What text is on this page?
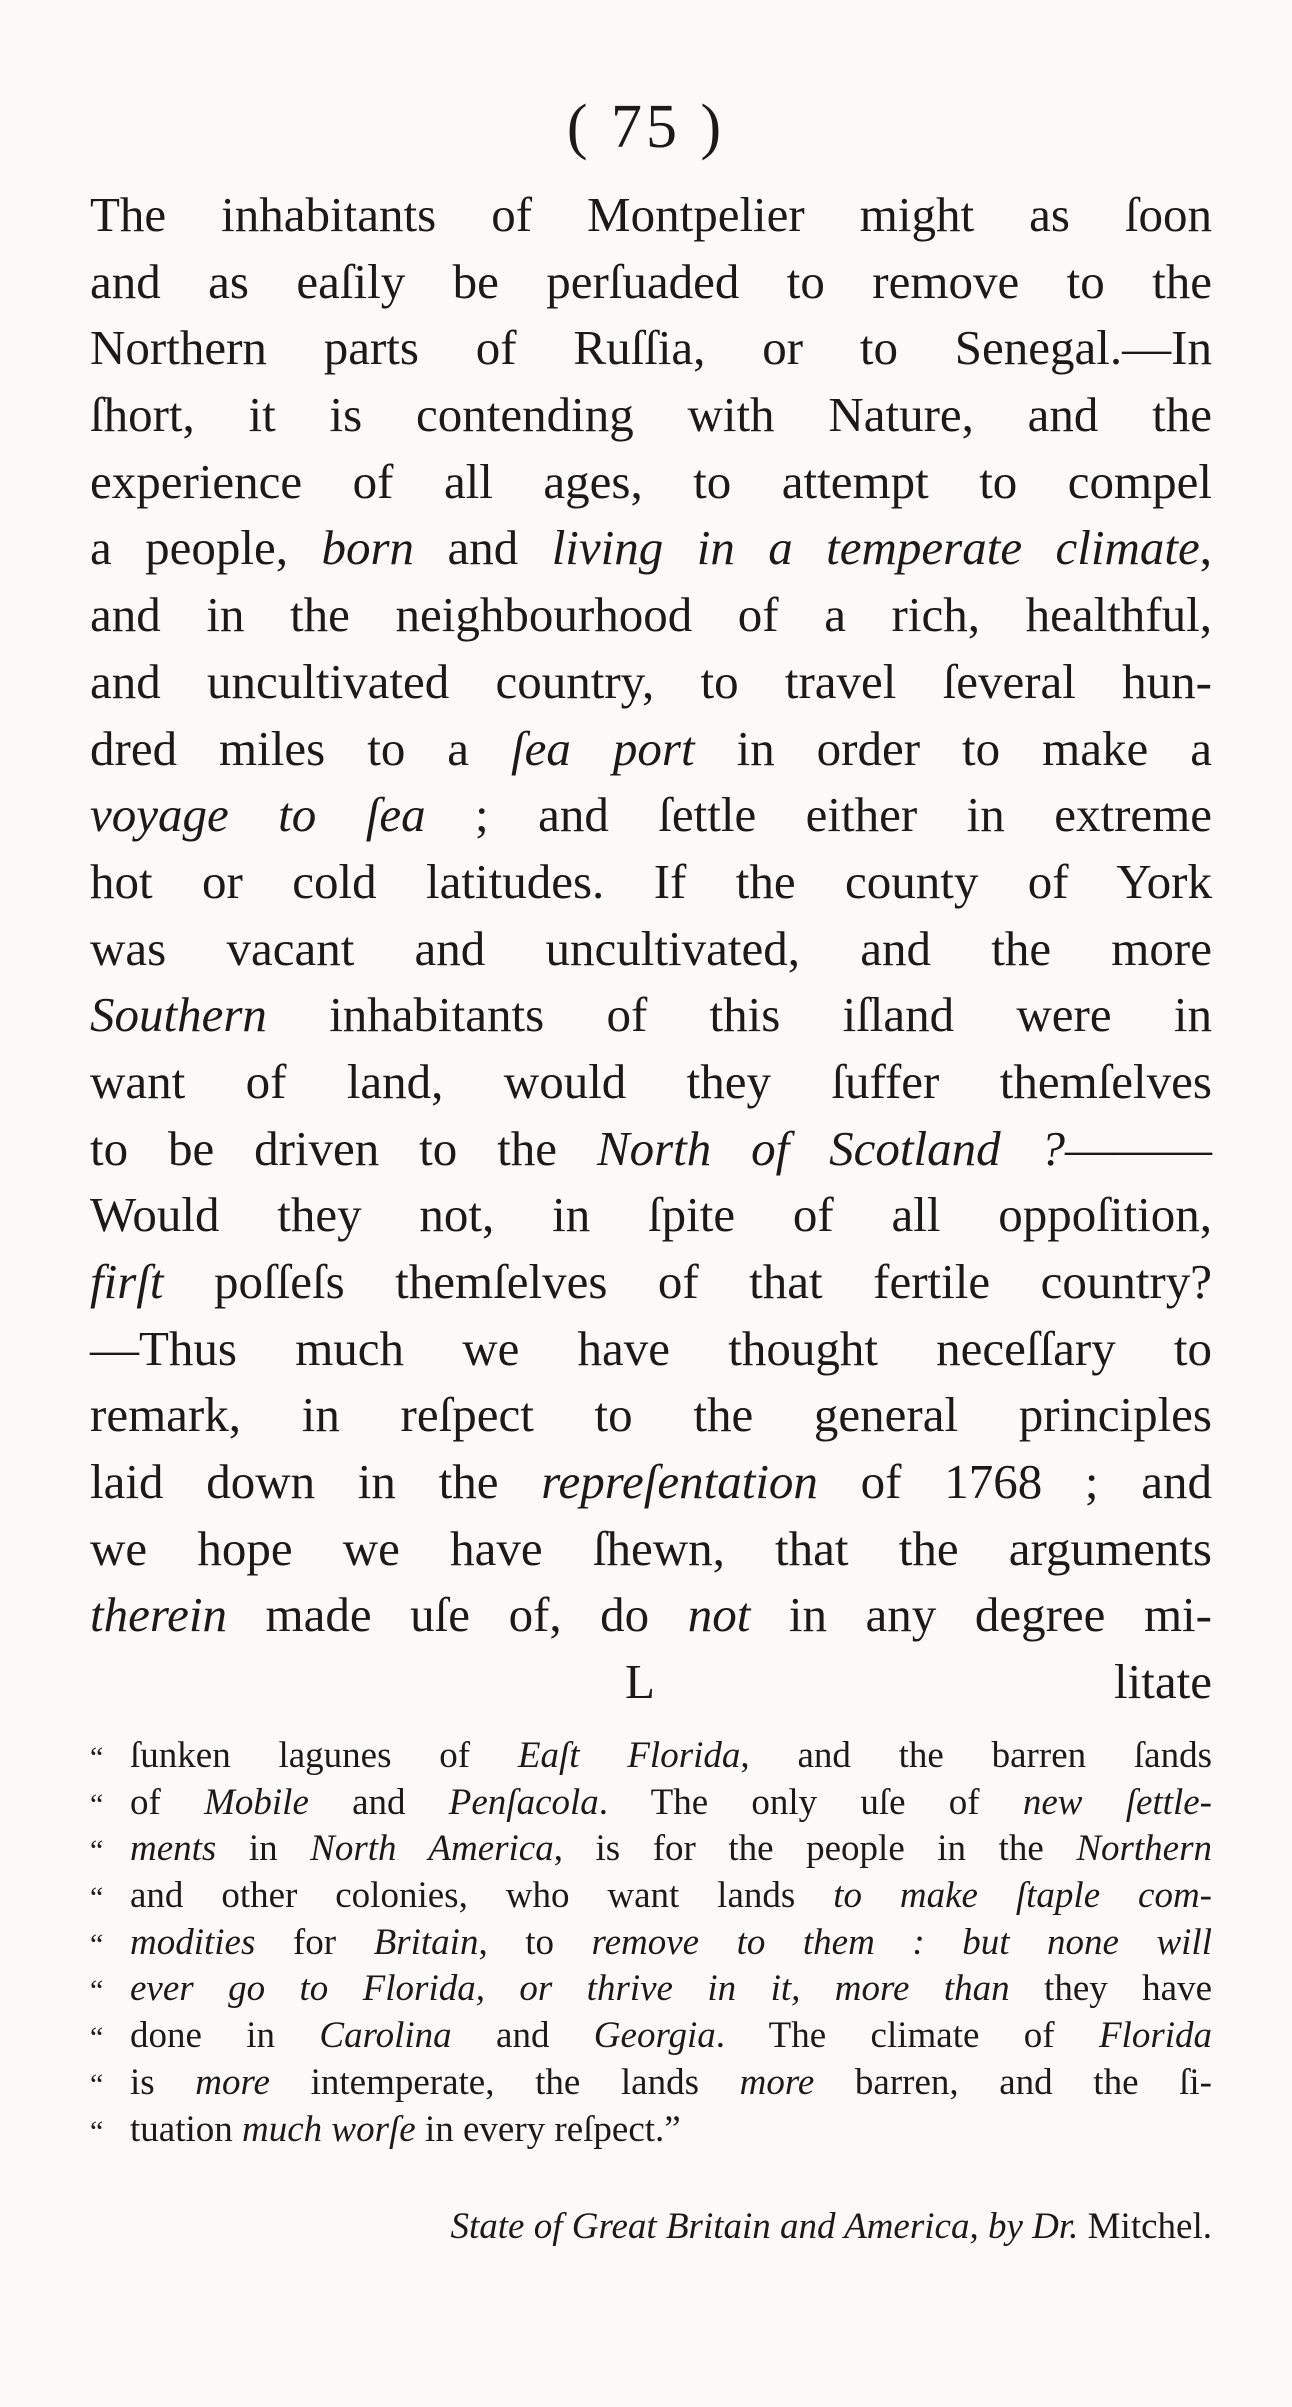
( 75 )
The inhabitants of Montpelier might as ſoon
and as eaſily be perſuaded to remove to the
Northern parts of Ruſſia, or to Senegal.—In
ſhort, it is contending with Nature, and the
experience of all ages, to attempt to compel
a people, born and living in a temperate climate,
and in the neighbourhood of a rich, healthful,
and uncultivated country, to travel ſeveral hun-
dred miles to a ſea port in order to make a
voyage to ſea ; and ſettle either in extreme
hot or cold latitudes. If the county of York
was vacant and uncultivated, and the more
Southern inhabitants of this iſland were in
want of land, would they ſuffer themſelves
to be driven to the North of Scotland ?———
Would they not, in ſpite of all oppoſition,
firſt poſſeſs themſelves of that fertile country?
—Thus much we have thought neceſſary to
remark, in reſpect to the general principles
laid down in the repreſentation of 1768 ; and
we hope we have ſhewn, that the arguments
therein made uſe of, do not in any degree mi-
L	litate
“ ſunken lagunes of Eaſt Florida, and the barren ſands
“ of Mobile and Penſacola. The only uſe of new ſettle-
“ ments in North America, is for the people in the Northern
“ and other colonies, who want lands to make ſtaple com-
“ modities for Britain, to remove to them : but none will
“ ever go to Florida, or thrive in it, more than they have
“ done in Carolina and Georgia. The climate of Florida
“ is more intemperate, the lands more barren, and the ſi-
“ tuation much worſe in every reſpect.”
State of Great Britain and America, by Dr. Mitchel.
